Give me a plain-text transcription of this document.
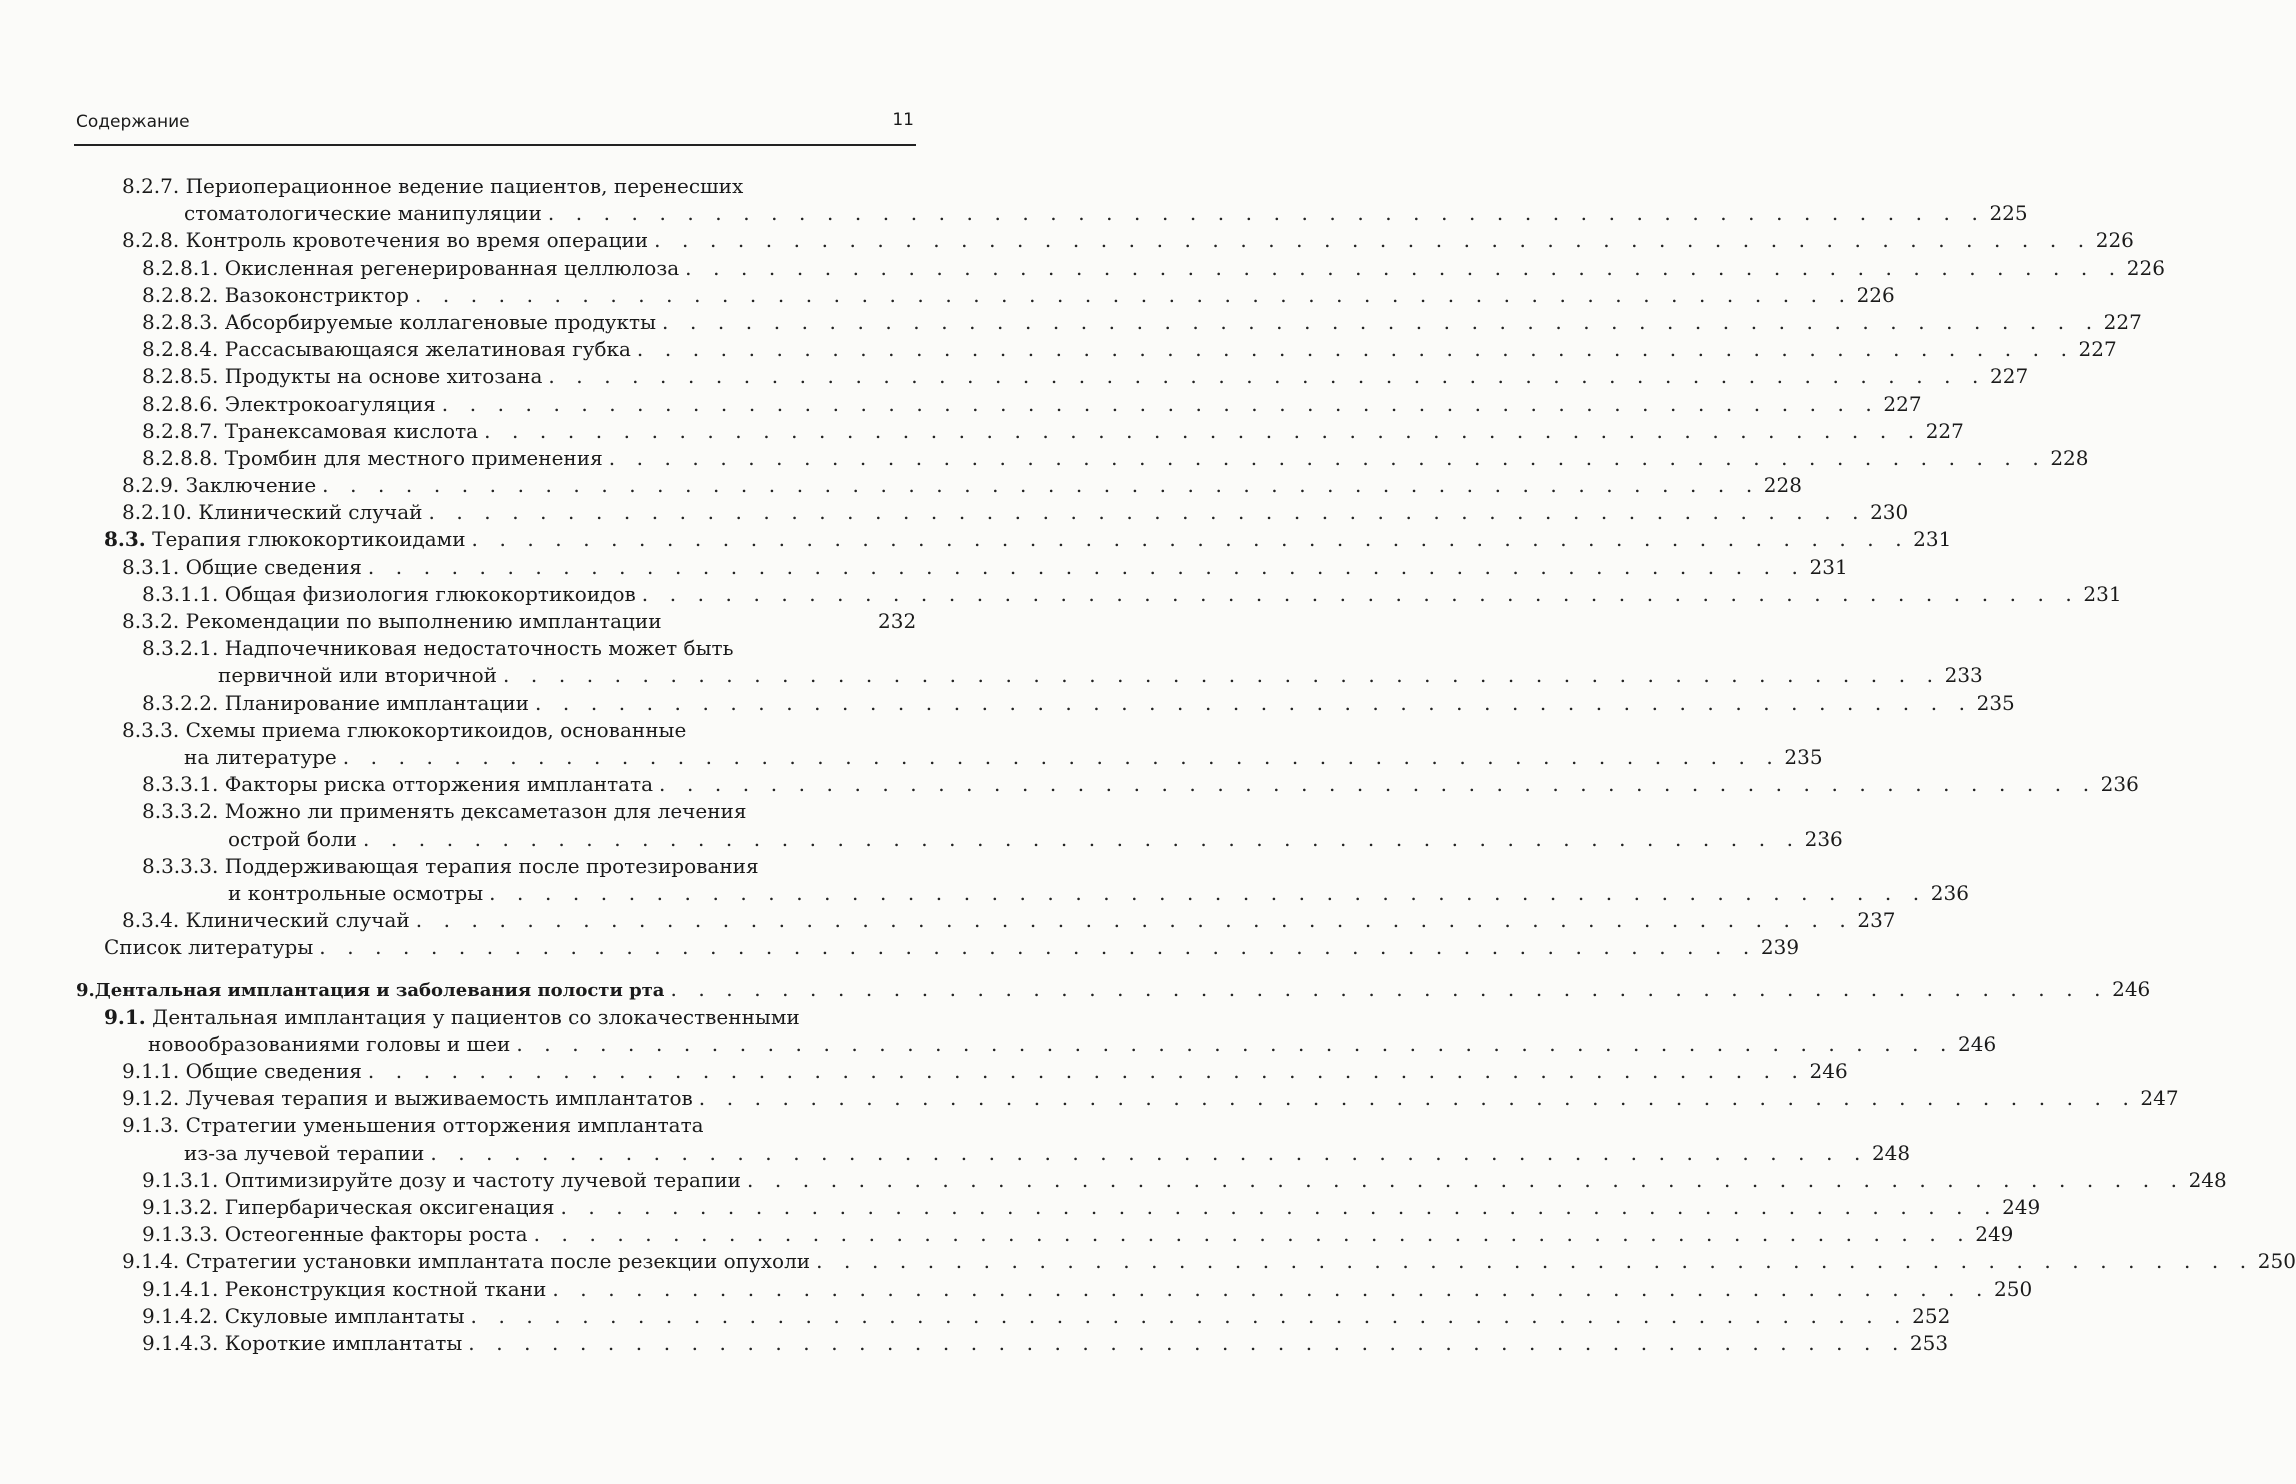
Содержание	11
8.2.7.
Периоперационное ведение пациентов, перенесших
стоматологические манипуляции . . . . . . . . . . . . . . . . . . . . . . . . . . . . . . . . . . . . . . . . . . . . . . . . . . . . 225
8.2.8.
Контроль кровотечения во время операции . . . . . . . . . . . . . . . . . . . . . . . . . . . . . . . . . . . . . . . . . . . . . . . . . . . . 226
8.2.8.1.
Окисленная регенерированная целлюлоза . . . . . . . . . . . . . . . . . . . . . . . . . . . . . . . . . . . . . . . . . . . . . . . . . . . . 226
8.2.8.2.
Вазоконстриктор . . . . . . . . . . . . . . . . . . . . . . . . . . . . . . . . . . . . . . . . . . . . . . . . . . . . 226
8.2.8.3.
Абсорбируемые коллагеновые продукты . . . . . . . . . . . . . . . . . . . . . . . . . . . . . . . . . . . . . . . . . . . . . . . . . . . . 227
8.2.8.4.
Рассасывающаяся желатиновая губка . . . . . . . . . . . . . . . . . . . . . . . . . . . . . . . . . . . . . . . . . . . . . . . . . . . . 227
8.2.8.5.
Продукты на основе хитозана . . . . . . . . . . . . . . . . . . . . . . . . . . . . . . . . . . . . . . . . . . . . . . . . . . . . 227
8.2.8.6.
Электрокоагуляция . . . . . . . . . . . . . . . . . . . . . . . . . . . . . . . . . . . . . . . . . . . . . . . . . . . . 227
8.2.8.7.
Транексамовая кислота . . . . . . . . . . . . . . . . . . . . . . . . . . . . . . . . . . . . . . . . . . . . . . . . . . . . 227
8.2.8.8.
Тромбин для местного применения . . . . . . . . . . . . . . . . . . . . . . . . . . . . . . . . . . . . . . . . . . . . . . . . . . . . 228
8.2.9.
Заключение . . . . . . . . . . . . . . . . . . . . . . . . . . . . . . . . . . . . . . . . . . . . . . . . . . . . 228
8.2.10.
Клинический случай . . . . . . . . . . . . . . . . . . . . . . . . . . . . . . . . . . . . . . . . . . . . . . . . . . . . 230
8.3.
Терапия глюкокортикоидами . . . . . . . . . . . . . . . . . . . . . . . . . . . . . . . . . . . . . . . . . . . . . . . . . . . . 231
8.3.1.
Общие сведения . . . . . . . . . . . . . . . . . . . . . . . . . . . . . . . . . . . . . . . . . . . . . . . . . . . . 231
8.3.1.1.
Общая физиология глюкокортикоидов . . . . . . . . . . . . . . . . . . . . . . . . . . . . . . . . . . . . . . . . . . . . . . . . . . . . 231
8.3.2.
Рекомендации по выполнению имплантации	232
8.3.2.1.
Надпочечниковая недостаточность может быть
первичной или вторичной . . . . . . . . . . . . . . . . . . . . . . . . . . . . . . . . . . . . . . . . . . . . . . . . . . . . 233
8.3.2.2.
Планирование имплантации . . . . . . . . . . . . . . . . . . . . . . . . . . . . . . . . . . . . . . . . . . . . . . . . . . . . 235
8.3.3.
Схемы приема глюкокортикоидов, основанные
на литературе . . . . . . . . . . . . . . . . . . . . . . . . . . . . . . . . . . . . . . . . . . . . . . . . . . . . 235
8.3.3.1.
Факторы риска отторжения имплантата . . . . . . . . . . . . . . . . . . . . . . . . . . . . . . . . . . . . . . . . . . . . . . . . . . . . 236
8.3.3.2.
Можно ли применять дексаметазон для лечения
острой боли . . . . . . . . . . . . . . . . . . . . . . . . . . . . . . . . . . . . . . . . . . . . . . . . . . . . 236
8.3.3.3.
Поддерживающая терапия после протезирования
и контрольные осмотры . . . . . . . . . . . . . . . . . . . . . . . . . . . . . . . . . . . . . . . . . . . . . . . . . . . . 236
8.3.4.
Клинический случай . . . . . . . . . . . . . . . . . . . . . . . . . . . . . . . . . . . . . . . . . . . . . . . . . . . . 237
Список литературы . . . . . . . . . . . . . . . . . . . . . . . . . . . . . . . . . . . . . . . . . . . . . . . . . . . . 239
9. Дентальная имплантация и заболевания полости рта . . . . . . . . . . . . . . . . . . . . . . . . . . . . . . . . . . . . . . . . . . . . . . . . . . . . 246
9.1.
Дентальная имплантация у пациентов со злокачественными
новообразованиями головы и шеи . . . . . . . . . . . . . . . . . . . . . . . . . . . . . . . . . . . . . . . . . . . . . . . . . . . . 246
9.1.1.
Общие сведения . . . . . . . . . . . . . . . . . . . . . . . . . . . . . . . . . . . . . . . . . . . . . . . . . . . . 246
9.1.2.
Лучевая терапия и выживаемость имплантатов . . . . . . . . . . . . . . . . . . . . . . . . . . . . . . . . . . . . . . . . . . . . . . . . . . . . 247
9.1.3.
Стратегии уменьшения отторжения имплантата
из-за лучевой терапии . . . . . . . . . . . . . . . . . . . . . . . . . . . . . . . . . . . . . . . . . . . . . . . . . . . . 248
9.1.3.1.
Оптимизируйте дозу и частоту лучевой терапии . . . . . . . . . . . . . . . . . . . . . . . . . . . . . . . . . . . . . . . . . . . . . . . . . . . . 248
9.1.3.2.
Гипербарическая оксигенация . . . . . . . . . . . . . . . . . . . . . . . . . . . . . . . . . . . . . . . . . . . . . . . . . . . . 249
9.1.3.3.
Остеогенные факторы роста . . . . . . . . . . . . . . . . . . . . . . . . . . . . . . . . . . . . . . . . . . . . . . . . . . . . 249
9.1.4.
Стратегии установки имплантата после резекции опухоли . . . . . . . . . . . . . . . . . . . . . . . . . . . . . . . . . . . . . . . . . . . . . . . . . . . . 250
9.1.4.1.
Реконструкция костной ткани . . . . . . . . . . . . . . . . . . . . . . . . . . . . . . . . . . . . . . . . . . . . . . . . . . . . 250
9.1.4.2.
Скуловые имплантаты . . . . . . . . . . . . . . . . . . . . . . . . . . . . . . . . . . . . . . . . . . . . . . . . . . . . 252
9.1.4.3.
Короткие имплантаты . . . . . . . . . . . . . . . . . . . . . . . . . . . . . . . . . . . . . . . . . . . . . . . . . . . . 253
